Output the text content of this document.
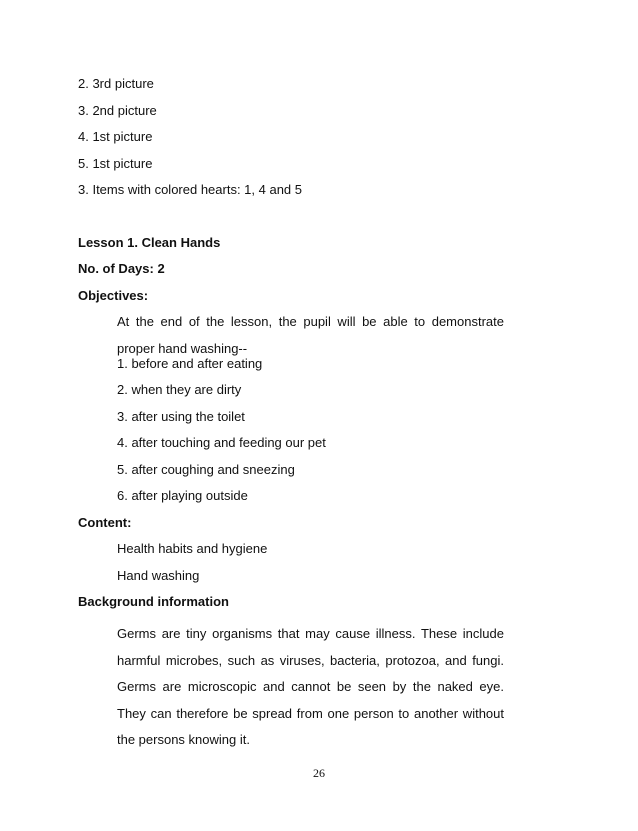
2. 3rd picture
3. 2nd picture
4. 1st picture
5. 1st picture
3. Items with colored hearts: 1, 4 and 5
Lesson 1. Clean Hands
No. of Days: 2
Objectives:
At the end of the lesson, the pupil will be able to demonstrate proper hand washing--
1. before and after eating
2. when they are dirty
3. after using the toilet
4. after touching and feeding our pet
5. after coughing and sneezing
6. after playing outside
Content:
Health habits and hygiene
Hand washing
Background information
Germs are tiny organisms that may cause illness. These include harmful microbes, such as viruses, bacteria, protozoa, and fungi. Germs are microscopic and cannot be seen by the naked eye. They can therefore be spread from one person to another without the persons knowing it.
26
